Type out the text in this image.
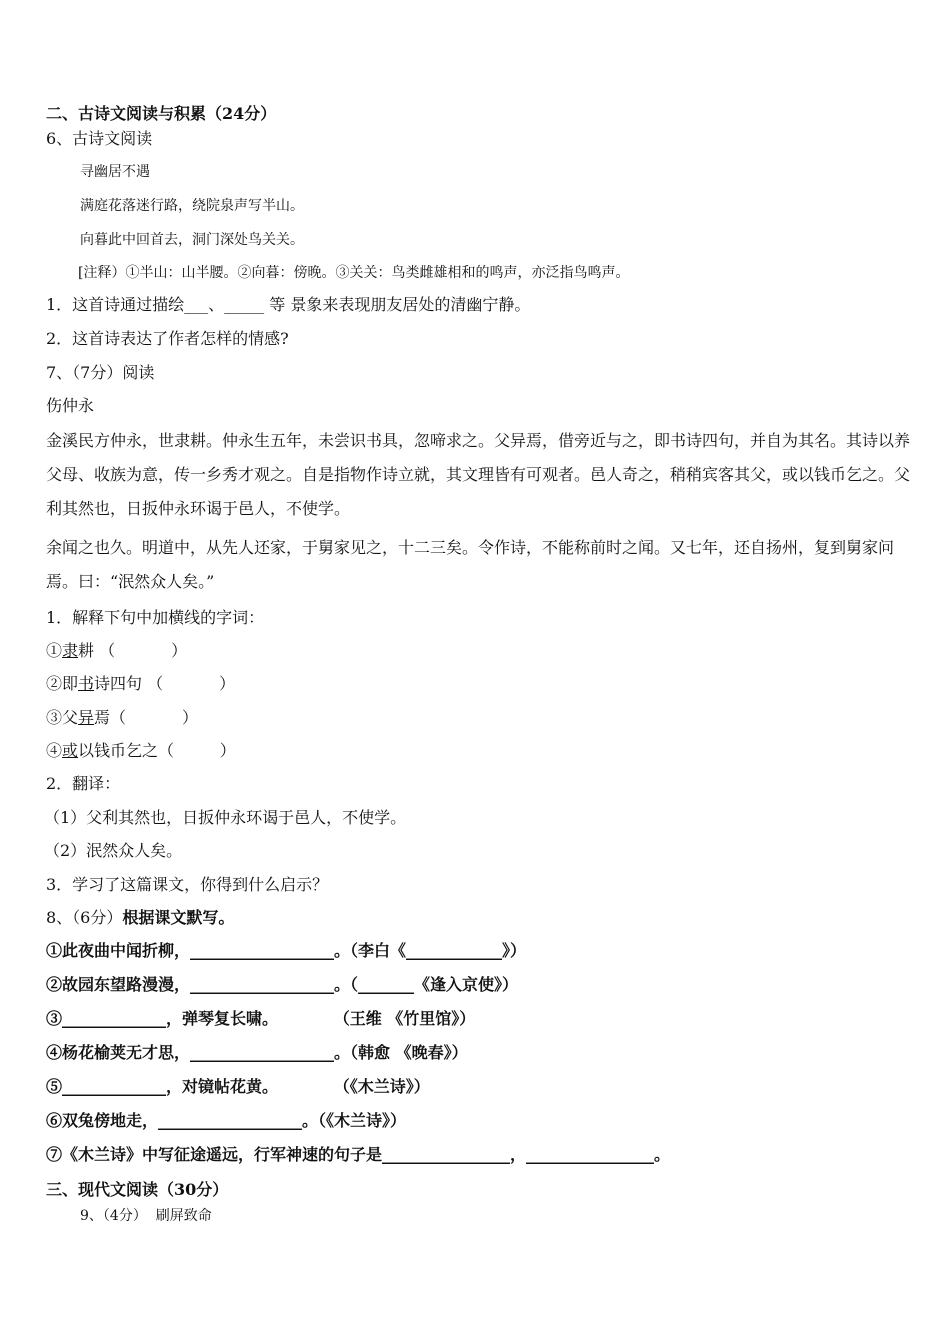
二、古诗文阅读与积累（24分）
6、古诗文阅读
寻幽居不遇
满庭花落迷行路，绕院泉声写半山。
向暮此中回首去，洞门深处鸟关关。
[注释）①半山：山半腰。②向暮：傍晚。③关关：鸟类雌雄相和的鸣声，亦泛指鸟鸣声。
1．这首诗通过描绘___、_____ 等 景象来表现朋友居处的清幽宁静。
2．这首诗表达了作者怎样的情感?
7、（7分）阅读
伤仲永
金溪民方仲永，世隶耕。仲永生五年，未尝识书具，忽啼求之。父异焉，借旁近与之，即书诗四句，并自为其名。其诗以养父母、收族为意，传一乡秀才观之。自是指物作诗立就，其文理皆有可观者。邑人奇之，稍稍宾客其父，或以钱币乞之。父利其然也，日扳仲永环谒于邑人，不使学。
余闻之也久。明道中，从先人还家，于舅家见之，十二三矣。令作诗，不能称前时之闻。又七年，还自扬州，复到舅家问焉。曰：“泯然众人矣。”
1．解释下句中加横线的字词：
①隶耕 （           ）
②即书诗四句 （           ）
③父异焉（           ）
④或以钱币乞之（         ）
2．翻译：
（1）父利其然也，日扳仲永环谒于邑人，不使学。
（2）泯然众人矣。
3．学习了这篇课文，你得到什么启示？
8、（6分）根据课文默写。
①此夜曲中闻折柳，__________________。（李白《____________》）
②故园东望路漫漫，__________________。（_______《逢入京使》）
③_____________，弹琴复长啸。          （王维 《竹里馆》）
④杨花榆荚无才思，__________________。（韩愈 《晚春》）
⑤_____________，对镜帖花黄。          （《木兰诗》）
⑥双兔傍地走，__________________。（《木兰诗》）
⑦《木兰诗》中写征途遥远，行军神速的句子是________________，________________。
三、现代文阅读（30分）
9、（4分）  刷屏致命
